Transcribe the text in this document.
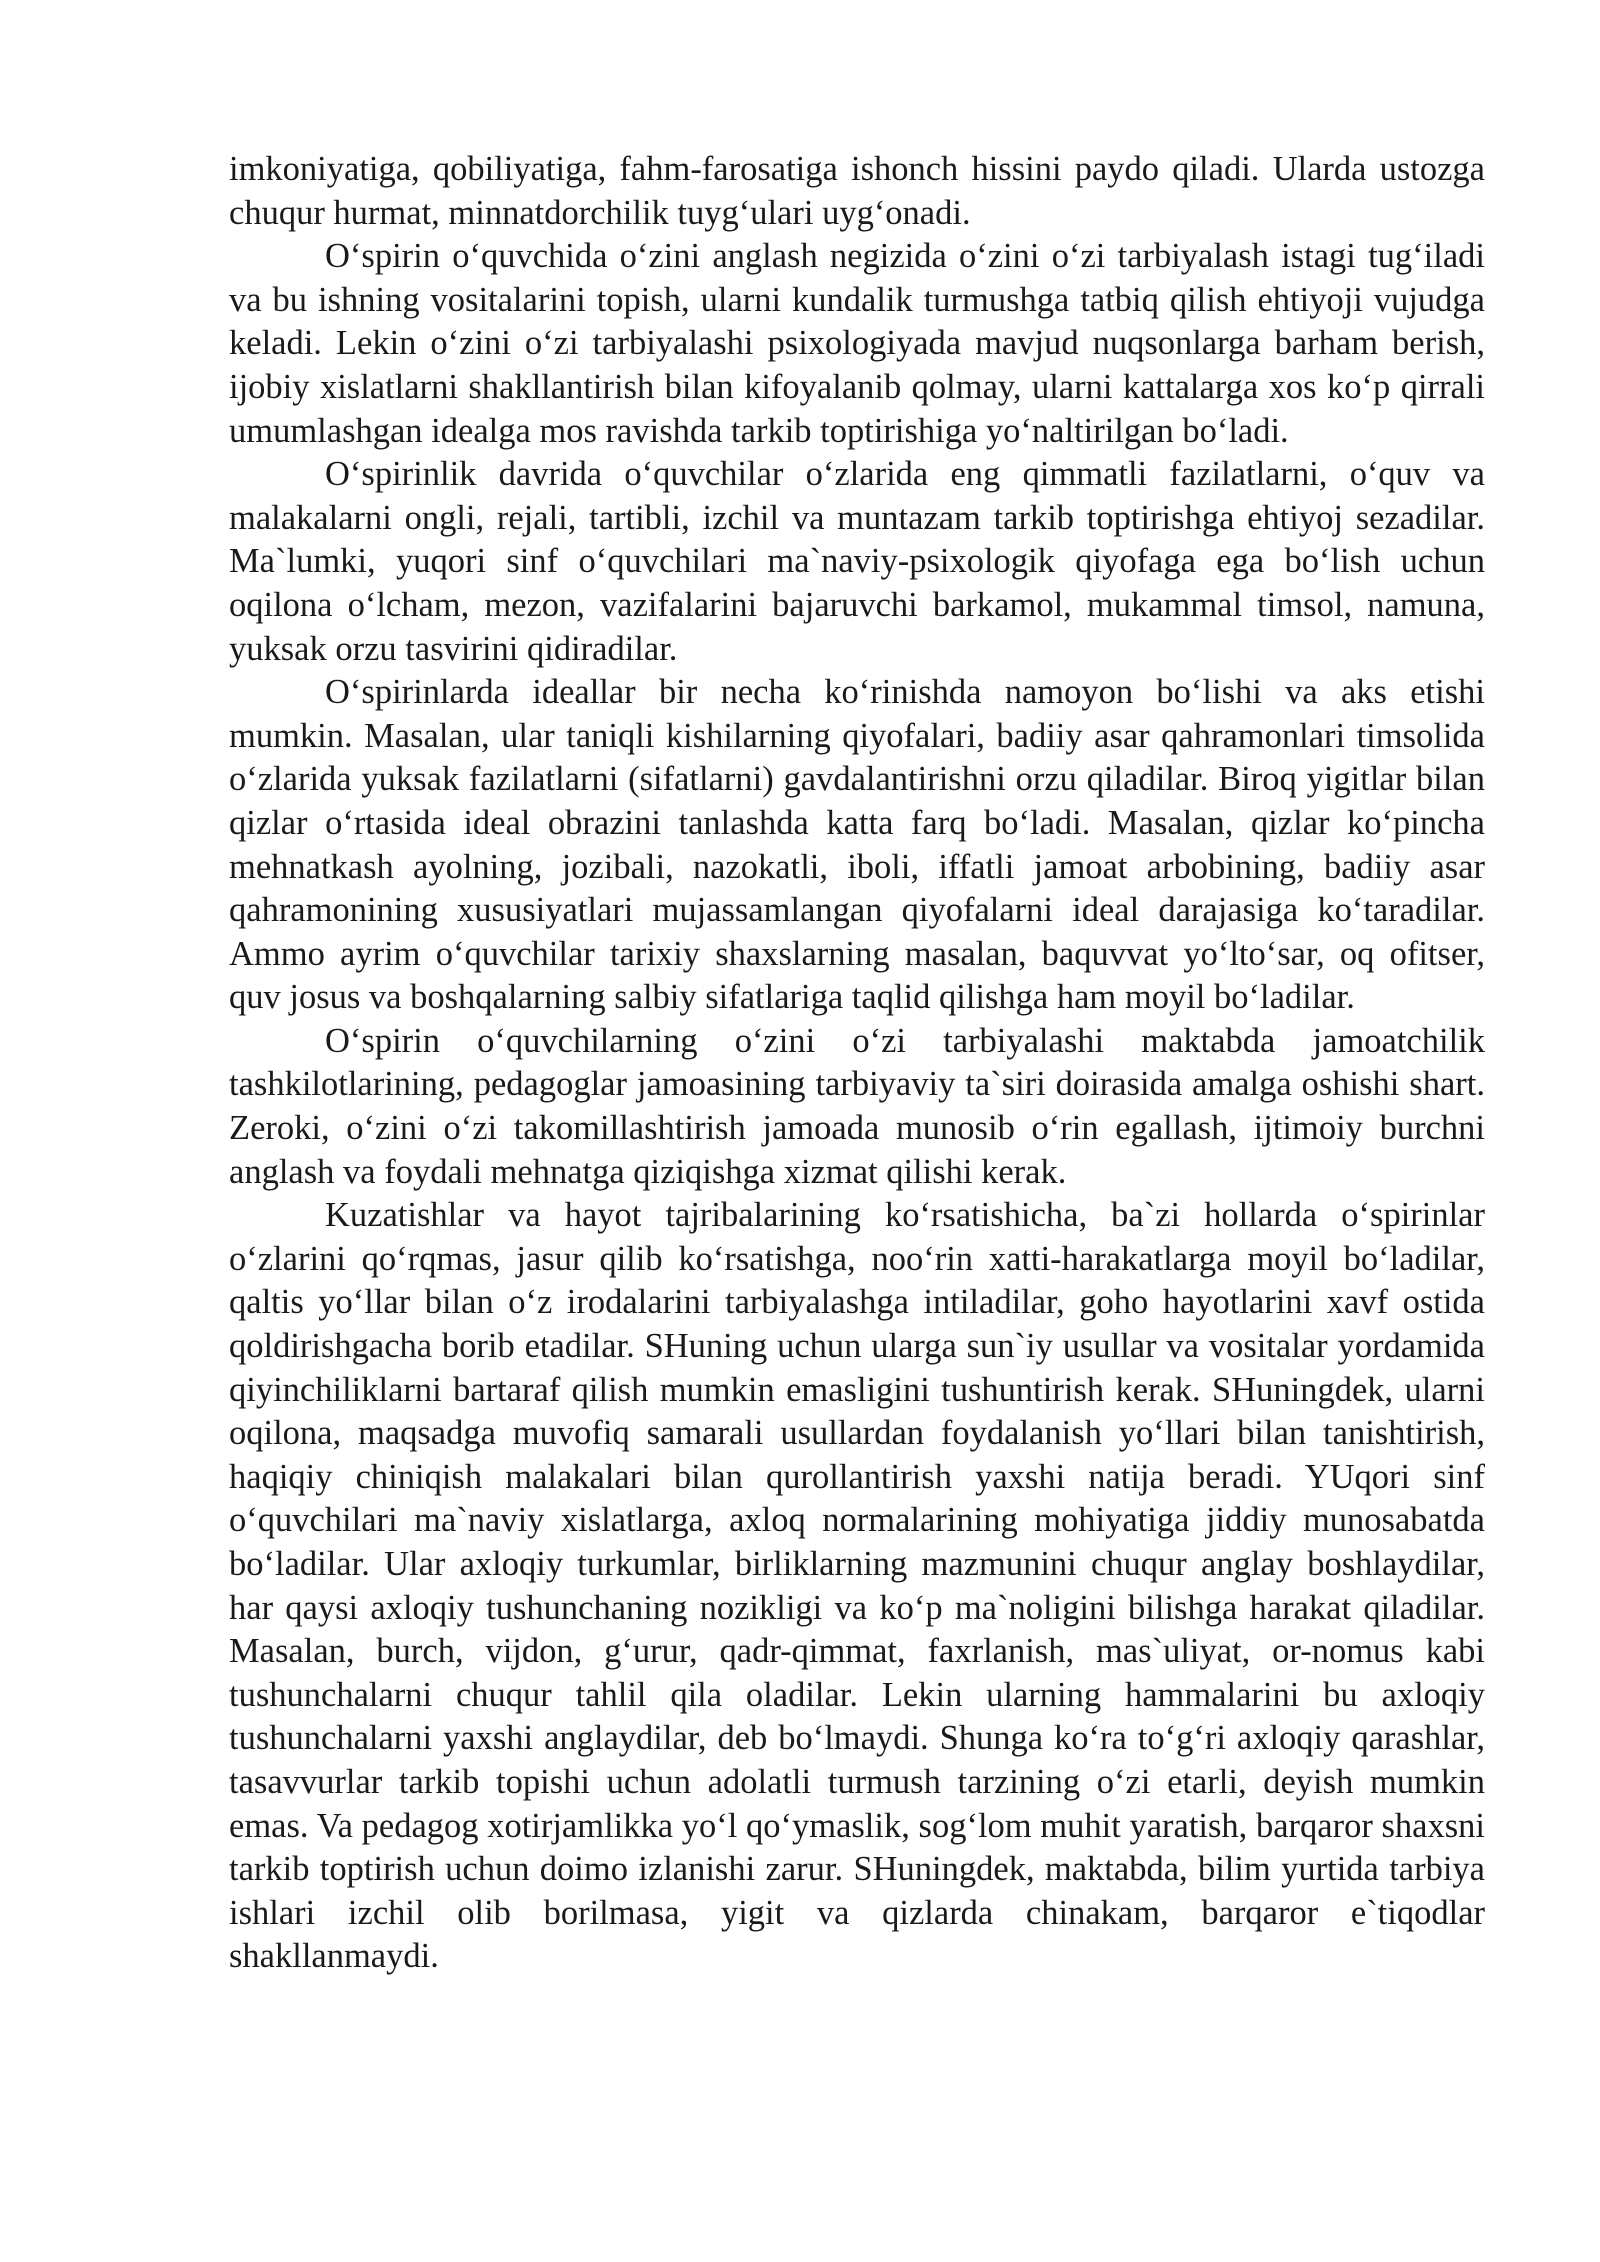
imkoniyatiga, qobiliyatiga, fahm-farosatiga ishonch hissini paydo qiladi. Ularda ustozga chuqur hurmat, minnatdorchilik tuygʻulari uygʻonadi.

Oʻspirin oʻquvchida oʻzini anglash negizida oʻzini oʻzi tarbiyalash istagi tugʻiladi va bu ishning vositalarini topish, ularni kundalik turmushga tatbiq qilish ehtiyoji vujudga keladi. Lekin oʻzini oʻzi tarbiyalashi psixologiyada mavjud nuqsonlarga barham berish, ijobiy xislatlarni shakllantirish bilan kifoyalanib qolmay, ularni kattalarga xos koʻp qirrali umumlashgan idealga mos ravishda tarkib toptirishiga yoʻnaltirilgan boʻladi.

Oʻspirinlik davrida oʻquvchilar oʻzlarida eng qimmatli fazilatlarni, oʻquv va malakalarni ongli, rejali, tartibli, izchil va muntazam tarkib toptirishga ehtiyoj sezadilar. Ma`lumki, yuqori sinf oʻquvchilari ma`naviy-psixologik qiyofaga ega boʻlish uchun oqilona oʻlcham, mezon, vazifalarini bajaruvchi barkamol, mukammal timsol, namuna, yuksak orzu tasvirini qidiradilar.

Oʻspirinlarda ideallar bir necha koʻrinishda namoyon boʻlishi va aks etishi mumkin. Masalan, ular taniqli kishilarning qiyofalari, badiiy asar qahramonlari timsolida oʻzlarida yuksak fazilatlarni (sifatlarni) gavdalantirishni orzu qiladilar. Biroq yigitlar bilan qizlar oʻrtasida ideal obrazini tanlashda katta farq boʻladi. Masalan, qizlar koʻpincha mehnatkash ayolning, jozibali, nazokatli, iboli, iffatli jamoat arbobining, badiiy asar qahramonining xususiyatlari mujassamlangan qiyofalarni ideal darajasiga koʻtaradilar. Ammo ayrim oʻquvchilar tarixiy shaxslarning masalan, baquvvat yoʻltoʻsar, oq ofitser, quv josus va boshqalarning salbiy sifatlariga taqlid qilishga ham moyil boʻladilar.

Oʻspirin oʻquvchilarning oʻzini oʻzi tarbiyalashi maktabda jamoatchilik tashkilotlarining, pedagoglar jamoasining tarbiyaviy ta`siri doirasida amalga oshishi shart. Zeroki, oʻzini oʻzi takomillashtirish jamoada munosib oʻrin egallash, ijtimoiy burchni anglash va foydali mehnatga qiziqishga xizmat qilishi kerak.

Kuzatishlar va hayot tajribalarining koʻrsatishicha, ba`zi hollarda oʻspirinlar oʻzlarini qoʻrqmas, jasur qilib koʻrsatishga, nooʻrin xatti-harakatlarga moyil boʻladilar, qaltis yoʻllar bilan oʻz irodalarini tarbiyalashga intiladilar, goho hayotlarini xavf ostida qoldirishgacha borib etadilar. SHuning uchun ularga sun`iy usullar va vositalar yordamida qiyinchiliklarni bartaraf qilish mumkin emasligini tushuntirish kerak. SHuningdek, ularni oqilona, maqsadga muvofiq samarali usullardan foydalanish yoʻllari bilan tanishtirish, haqiqiy chiniqish malakalari bilan qurollantirish yaxshi natija beradi. YUqori sinf oʻquvchilari ma`naviy xislatlarga, axloq normalarining mohiyatiga jiddiy munosabatda boʻladilar. Ular axloqiy turkumlar, birliklarning mazmunini chuqur anglay boshlaydilar, har qaysi axloqiy tushunchaning nozikligi va koʻp ma`noligini bilishga harakat qiladilar. Masalan, burch, vijdon, gʻurur, qadr-qimmat, faxrlanish, mas`uliyat, or-nomus kabi tushunchalarni chuqur tahlil qila oladilar. Lekin ularning hammalarini bu axloqiy tushunchalarni yaxshi anglaydilar, deb boʻlmaydi. Shunga koʻra toʻgʻri axloqiy qarashlar, tasavvurlar tarkib topishi uchun adolatli turmush tarzining oʻzi etarli, deyish mumkin emas. Va pedagog xotirjamlikka yoʻl qoʻymaslik, sogʻlom muhit yaratish, barqaror shaxsni tarkib toptirish uchun doimo izlanishi zarur. SHuningdek, maktabda, bilim yurtida tarbiya ishlari izchil olib borilmasa, yigit va qizlarda chinakam, barqaror e`tiqodlar shakllanmaydi.
